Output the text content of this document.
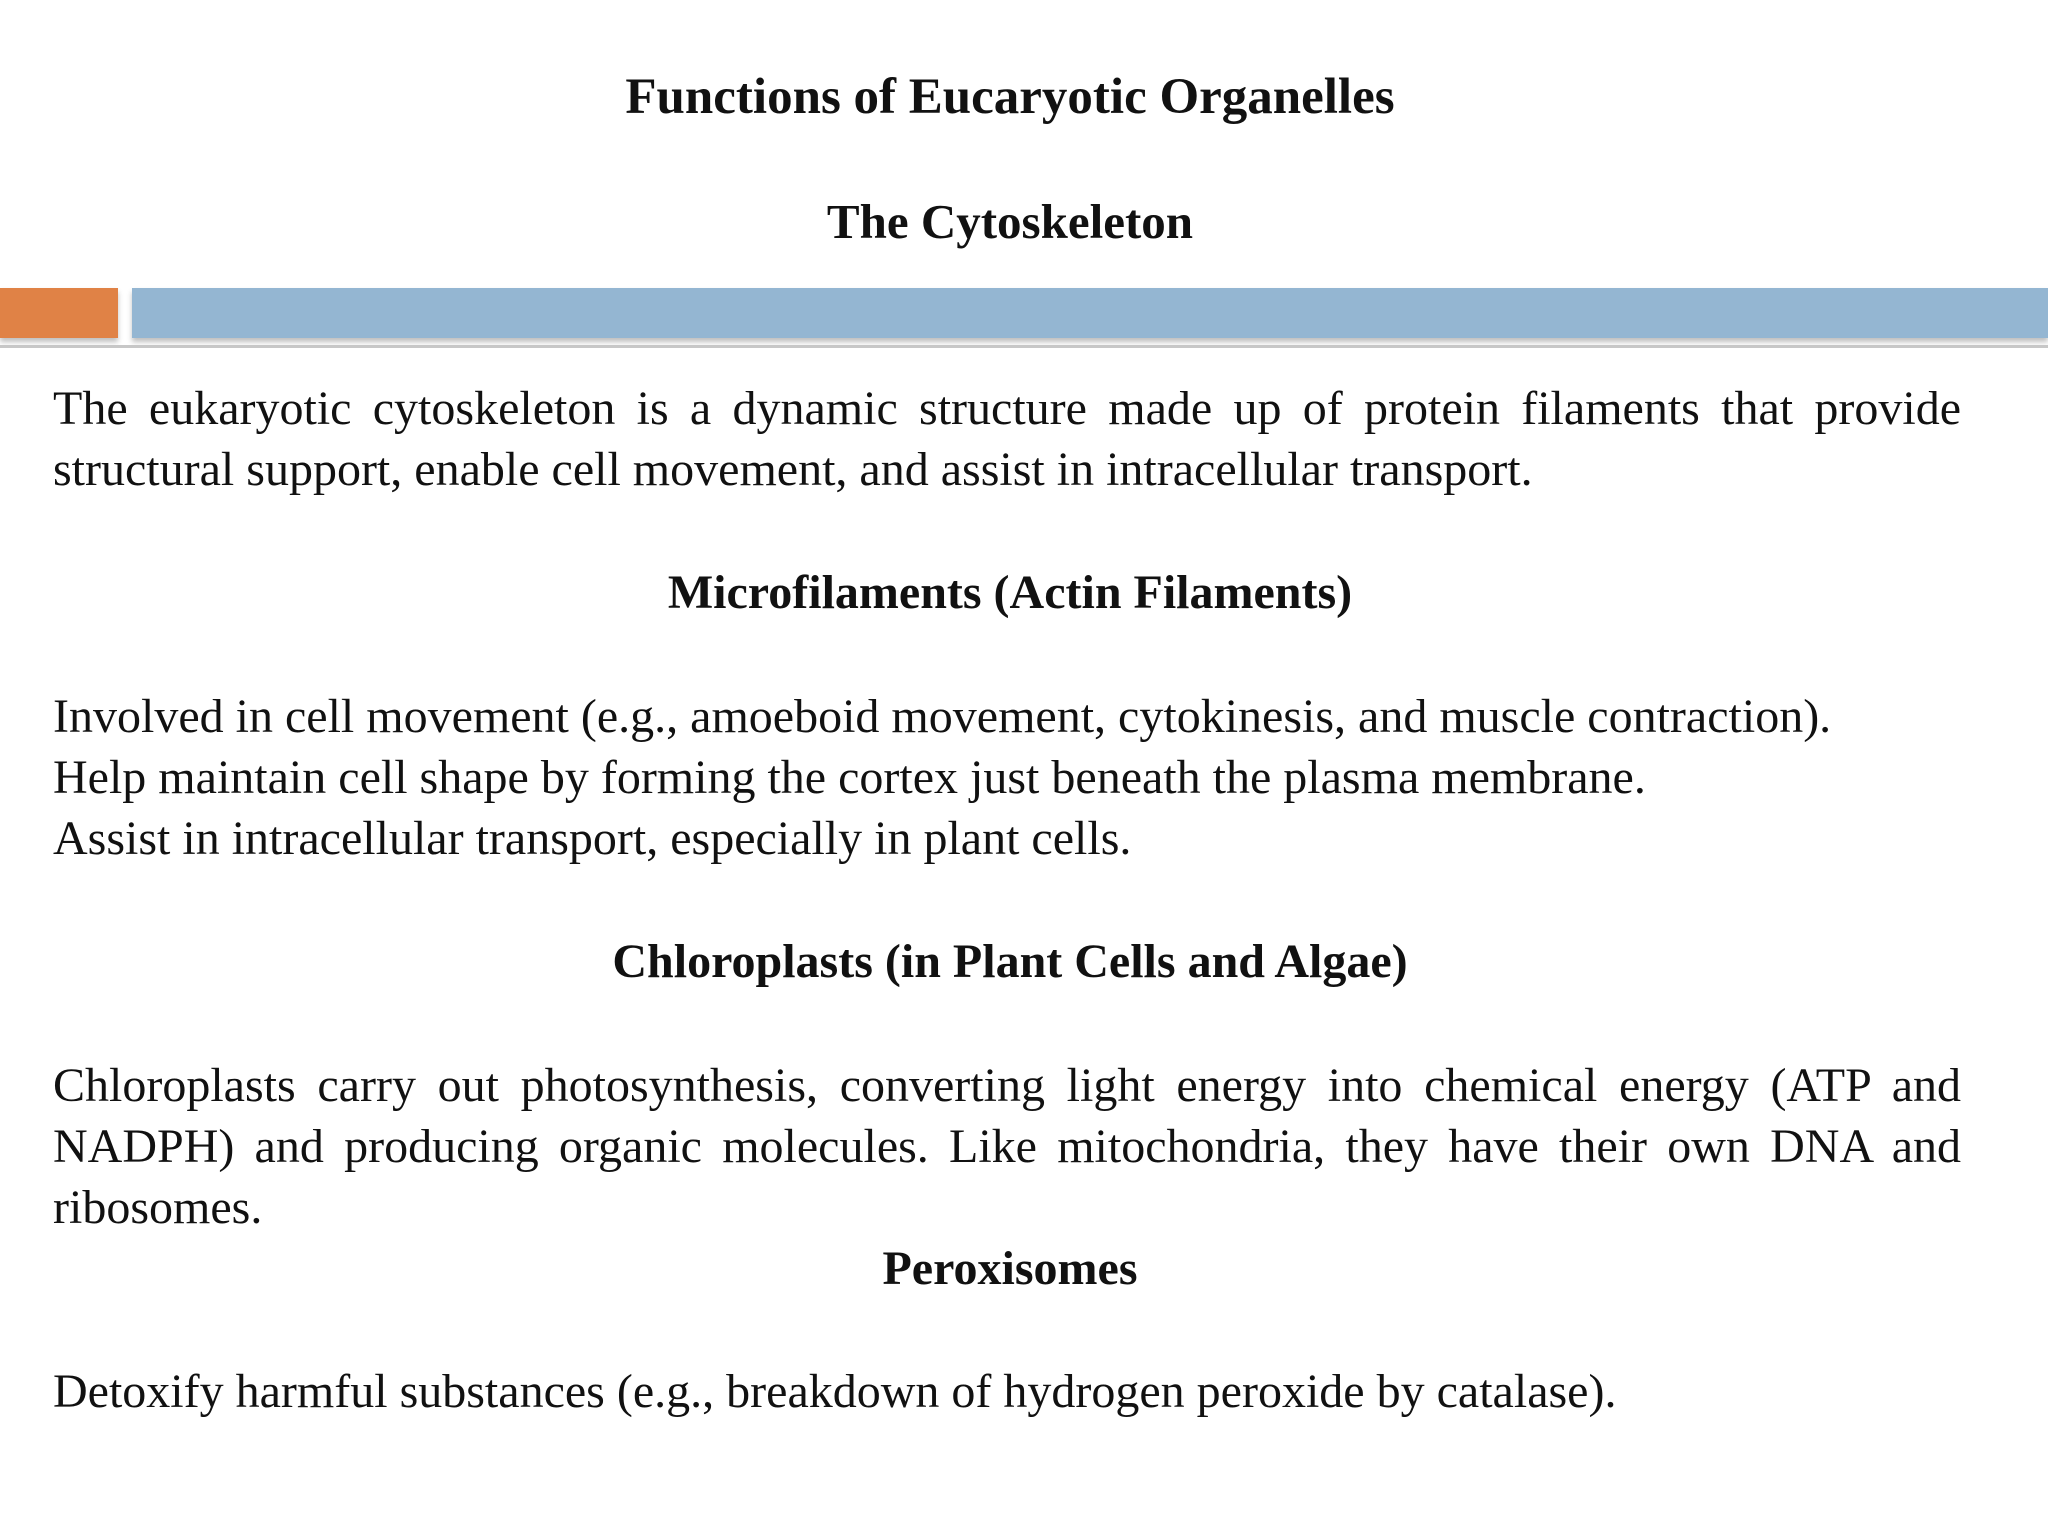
Functions of Eucaryotic Organelles
The Cytoskeleton
The eukaryotic cytoskeleton is a dynamic structure made up of protein filaments that provide structural support, enable cell movement, and assist in intracellular transport.
Microfilaments (Actin Filaments)
Involved in cell movement (e.g., amoeboid movement, cytokinesis, and muscle contraction).
Help maintain cell shape by forming the cortex just beneath the plasma membrane.
Assist in intracellular transport, especially in plant cells.
Chloroplasts (in Plant Cells and Algae)
Chloroplasts carry out photosynthesis, converting light energy into chemical energy (ATP and NADPH) and producing organic molecules. Like mitochondria, they have their own DNA and ribosomes.
Peroxisomes
Detoxify harmful substances (e.g., breakdown of hydrogen peroxide by catalase).
